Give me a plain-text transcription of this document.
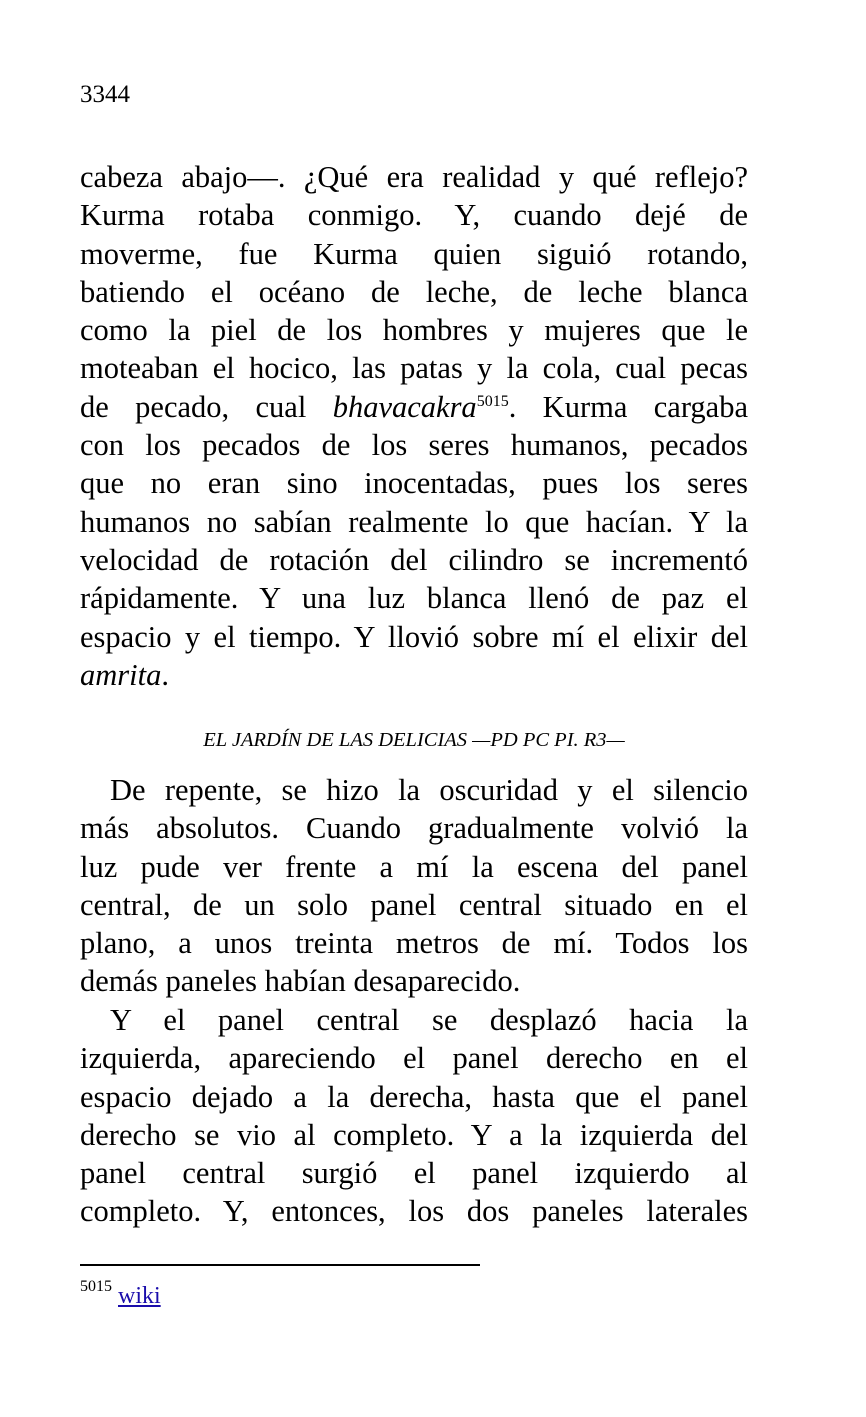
3344
cabeza abajo—. ¿Qué era realidad y qué reflejo?
Kurma rotaba conmigo. Y, cuando dejé de
moverme, fue Kurma quien siguió rotando,
batiendo el océano de leche, de leche blanca
como la piel de los hombres y mujeres que le
moteaban el hocico, las patas y la cola, cual pecas
de pecado, cual bhavacakra$^{5015}$. Kurma cargaba
con los pecados de los seres humanos, pecados
que no eran sino inocentadas, pues los seres
humanos no sabían realmente lo que hacían. Y la
velocidad de rotación del cilindro se incrementó
rápidamente. Y una luz blanca llenó de paz el
espacio y el tiempo. Y llovió sobre mí el elixir del
amrita.
EL JARDÍN DE LAS DELICIAS —PD PC PI. R3—
De repente, se hizo la oscuridad y el silencio
más absolutos. Cuando gradualmente volvió la
luz pude ver frente a mí la escena del panel
central, de un solo panel central situado en el
plano, a unos treinta metros de mí. Todos los
demás paneles habían desaparecido.
Y el panel central se desplazó hacia la
izquierda, apareciendo el panel derecho en el
espacio dejado a la derecha, hasta que el panel
derecho se vio al completo. Y a la izquierda del
panel central surgió el panel izquierdo al
completo. Y, entonces, los dos paneles laterales
$^{5015}$ wiki
